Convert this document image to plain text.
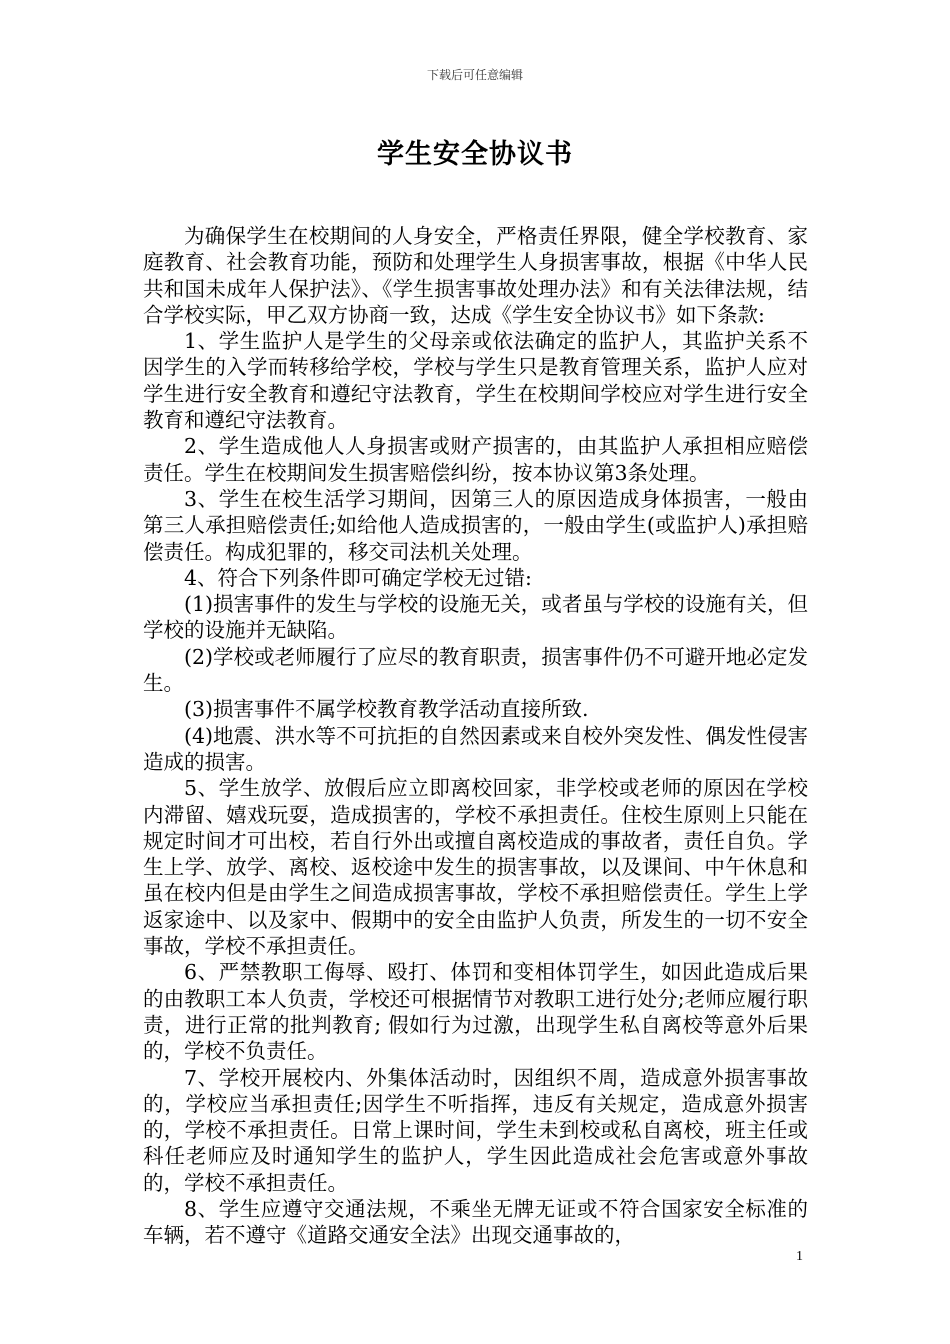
下载后可任意编辑
学生安全协议书

为确保学生在校期间的人身安全，严格责任界限，健全学校教育、家庭教育、社会教育功能，预防和处理学生人身损害事故，根据《中华人民共和国未成年人保护法》、《学生损害事故处理办法》和有关法律法规，结合学校实际，甲乙双方协商一致，达成《学生安全协议书》如下条款:

1、学生监护人是学生的父母亲或依法确定的监护人，其监护关系不因学生的入学而转移给学校，学校与学生只是教育管理关系，监护人应对学生进行安全教育和遵纪守法教育，学生在校期间学校应对学生进行安全教育和遵纪守法教育。

2、学生造成他人人身损害或财产损害的，由其监护人承担相应赔偿责任。学生在校期间发生损害赔偿纠纷，按本协议第3条处理。

3、学生在校生活学习期间，因第三人的原因造成身体损害，一般由第三人承担赔偿责任;如给他人造成损害的，一般由学生(或监护人)承担赔偿责任。构成犯罪的，移交司法机关处理。

4、符合下列条件即可确定学校无过错:

(1)损害事件的发生与学校的设施无关，或者虽与学校的设施有关，但学校的设施并无缺陷。

(2)学校或老师履行了应尽的教育职责，损害事件仍不可避开地必定发生。

(3)损害事件不属学校教育教学活动直接所致.

(4)地震、洪水等不可抗拒的自然因素或来自校外突发性、偶发性侵害造成的损害。

5、学生放学、放假后应立即离校回家，非学校或老师的原因在学校内滞留、嬉戏玩耍，造成损害的，学校不承担责任。住校生原则上只能在规定时间才可出校，若自行外出或擅自离校造成的事故者，责任自负。学生上学、放学、离校、返校途中发生的损害事故，以及课间、中午休息和虽在校内但是由学生之间造成损害事故，学校不承担赔偿责任。学生上学返家途中、以及家中、假期中的安全由监护人负责，所发生的一切不安全事故，学校不承担责任。

6、严禁教职工侮辱、殴打、体罚和变相体罚学生，如因此造成后果的由教职工本人负责，学校还可根据情节对教职工进行处分;老师应履行职责，进行正常的批判教育; 假如行为过激，出现学生私自离校等意外后果的，学校不负责任。

7、学校开展校内、外集体活动时，因组织不周，造成意外损害事故的，学校应当承担责任;因学生不听指挥，违反有关规定，造成意外损害的，学校不承担责任。日常上课时间，学生未到校或私自离校，班主任或科任老师应及时通知学生的监护人，学生因此造成社会危害或意外事故的，学校不承担责任。

8、学生应遵守交通法规，不乘坐无牌无证或不符合国家安全标准的车辆，若不遵守《道路交通安全法》出现交通事故的，

1
